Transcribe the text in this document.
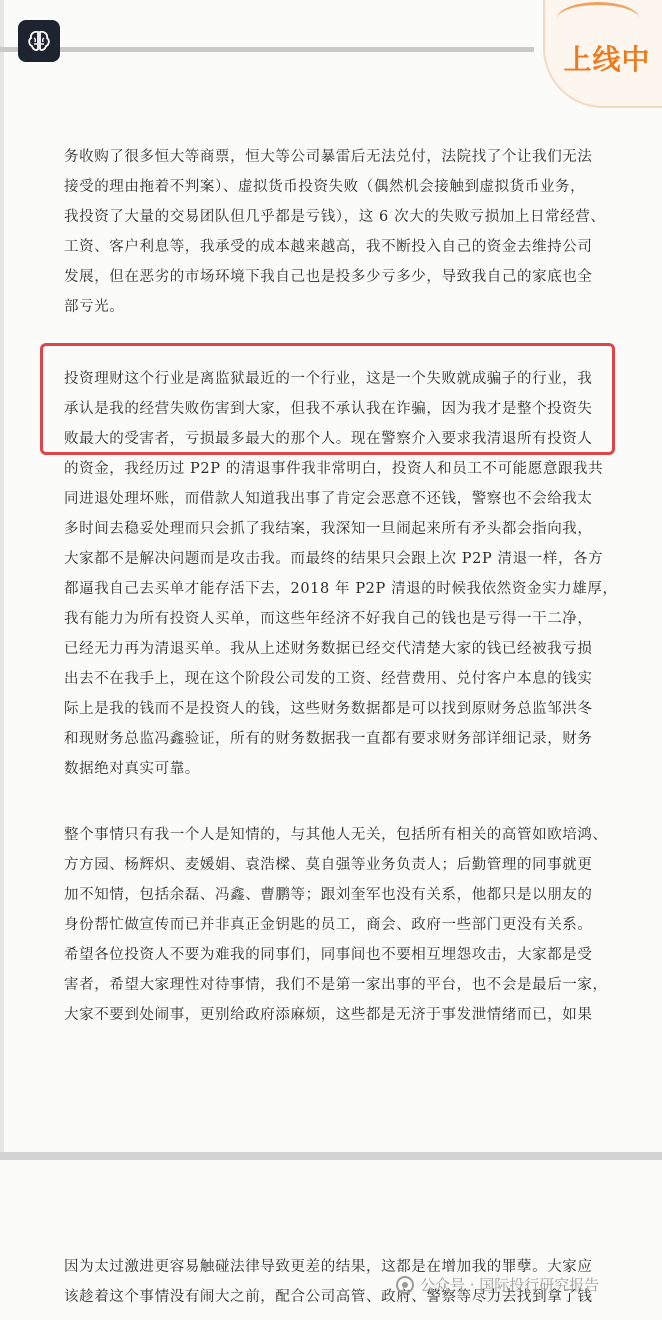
上线中
务收购了很多恒大等商票，恒大等公司暴雷后无法兑付，法院找了个让我们无法
接受的理由拖着不判案）、虚拟货币投资失败（偶然机会接触到虚拟货币业务，
我投资了大量的交易团队但几乎都是亏钱），这 6 次大的失败亏损加上日常经营、
工资、客户利息等，我承受的成本越来越高，我不断投入自己的资金去维持公司
发展，但在恶劣的市场环境下我自己也是投多少亏多少，导致我自己的家底也全
部亏光。
投资理财这个行业是离监狱最近的一个行业，这是一个失败就成骗子的行业，我
承认是我的经营失败伤害到大家，但我不承认我在诈骗，因为我才是整个投资失
败最大的受害者，亏损最多最大的那个人。现在警察介入要求我清退所有投资人
的资金，我经历过 P2P 的清退事件我非常明白，投资人和员工不可能愿意跟我共
同进退处理坏账，而借款人知道我出事了肯定会恶意不还钱，警察也不会给我太
多时间去稳妥处理而只会抓了我结案，我深知一旦闹起来所有矛头都会指向我，
大家都不是解决问题而是攻击我。而最终的结果只会跟上次 P2P 清退一样，各方
都逼我自己去买单才能存活下去，2018 年 P2P 清退的时候我依然资金实力雄厚，
我有能力为所有投资人买单，而这些年经济不好我自己的钱也是亏得一干二净，
已经无力再为清退买单。我从上述财务数据已经交代清楚大家的钱已经被我亏损
出去不在我手上，现在这个阶段公司发的工资、经营费用、兑付客户本息的钱实
际上是我的钱而不是投资人的钱，这些财务数据都是可以找到原财务总监邹洪冬
和现财务总监冯鑫验证，所有的财务数据我一直都有要求财务部详细记录，财务
数据绝对真实可靠。
整个事情只有我一个人是知情的，与其他人无关，包括所有相关的高管如欧培鸿、
方方园、杨辉炽、麦媛娟、袁浩樑、莫自强等业务负责人；后勤管理的同事就更
加不知情，包括余磊、冯鑫、曹鹏等；跟刘奎军也没有关系，他都只是以朋友的
身份帮忙做宣传而已并非真正金钥匙的员工，商会、政府一些部门更没有关系。
希望各位投资人不要为难我的同事们，同事间也不要相互埋怨攻击，大家都是受
害者，希望大家理性对待事情，我们不是第一家出事的平台，也不会是最后一家，
大家不要到处闹事，更别给政府添麻烦，这些都是无济于事发泄情绪而已，如果
因为太过激进更容易触碰法律导致更差的结果，这都是在增加我的罪孽。大家应
该趁着这个事情没有闹大之前，配合公司高管、政府、警察等尽力去找到拿了钱
公众号 · 国际投行研究报告
